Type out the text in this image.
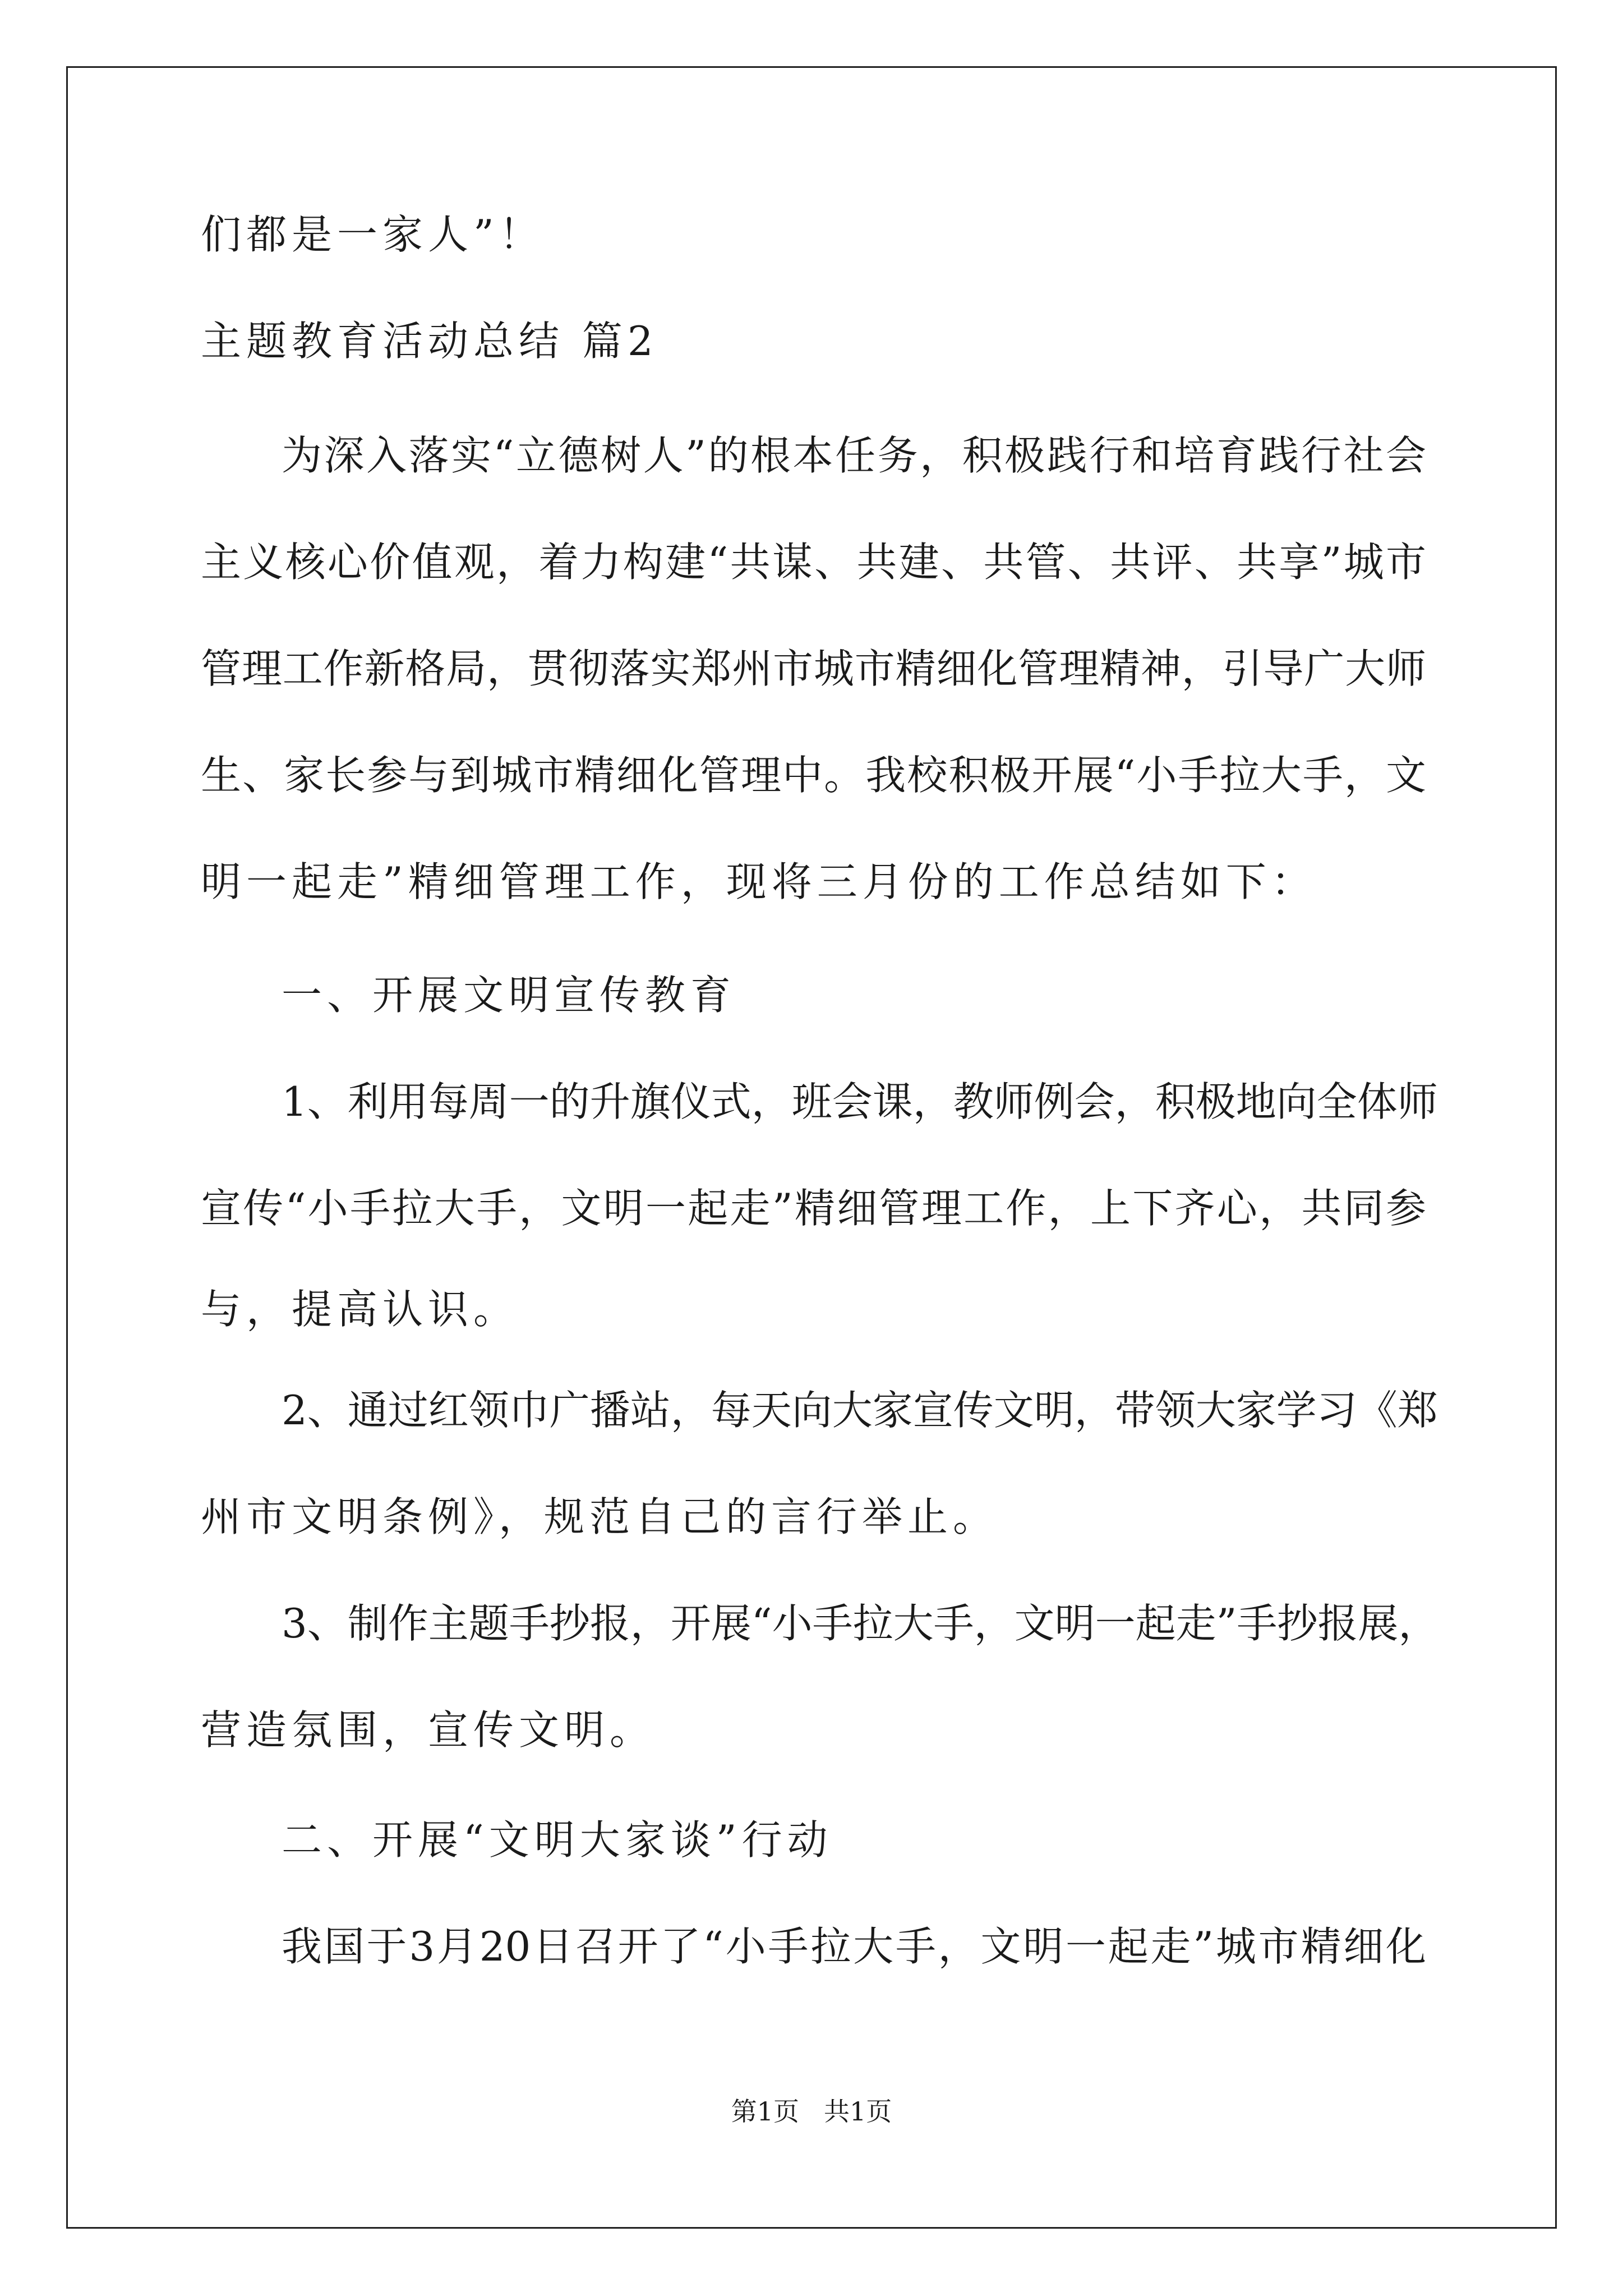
们都是一家人”！
主题教育活动总结 篇2
为深入落实“立德树人”的根本任务，积极践行和培育践行社会
主义核心价值观，着力构建“共谋、共建、共管、共评、共享”城市
管理工作新格局，贯彻落实郑州市城市精细化管理精神，引导广大师
生、家长参与到城市精细化管理中。我校积极开展“小手拉大手，文
明一起走”精细管理工作，现将三月份的工作总结如下：
一、开展文明宣传教育
1、利用每周一的升旗仪式，班会课，教师例会，积极地向全体师
宣传“小手拉大手，文明一起走”精细管理工作，上下齐心，共同参
与，提高认识。
2、通过红领巾广播站，每天向大家宣传文明，带领大家学习《郑
州市文明条例》，规范自己的言行举止。
3、制作主题手抄报，开展“小手拉大手，文明一起走”手抄报展，
营造氛围，宣传文明。
二、开展“文明大家谈”行动
我国于3月20日召开了“小手拉大手，文明一起走”城市精细化
第1页 共1页
